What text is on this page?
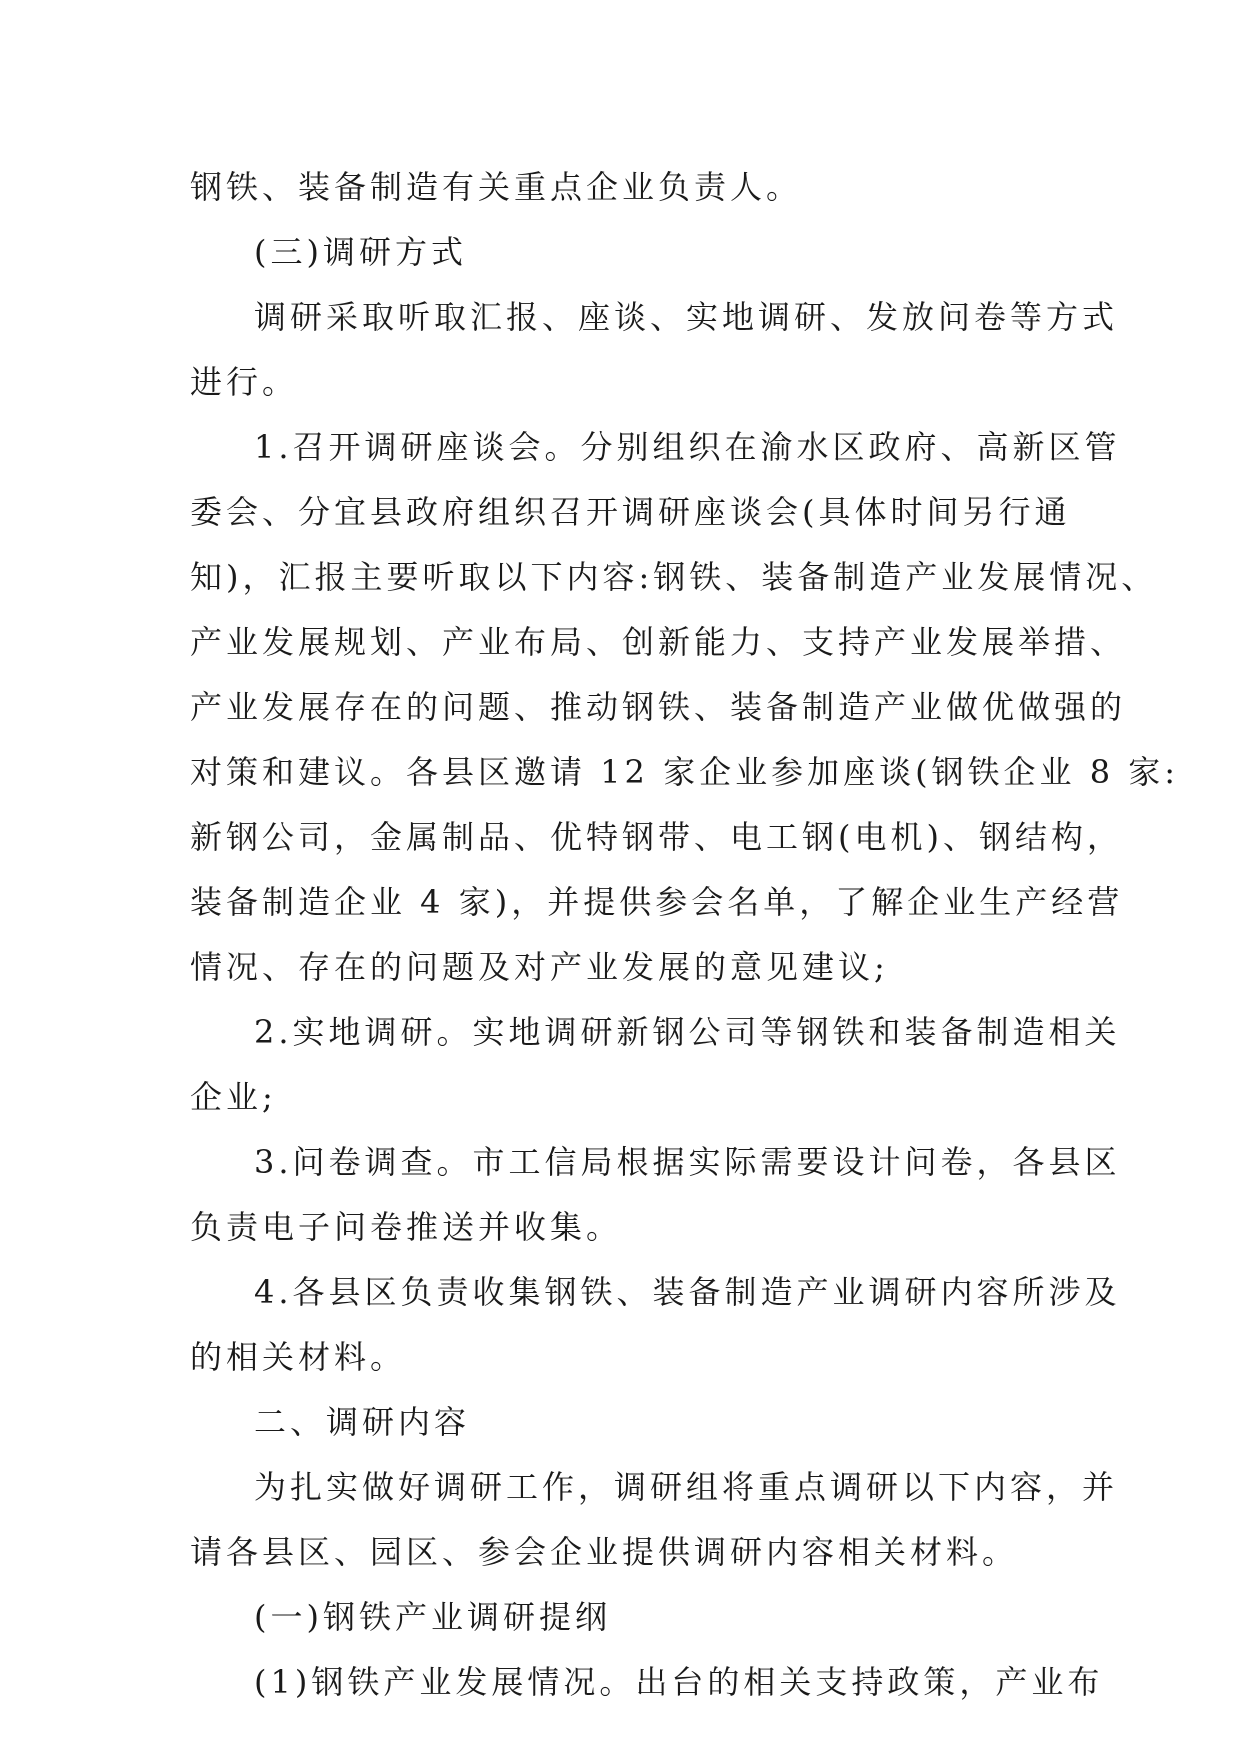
钢铁、装备制造有关重点企业负责人。
(三)调研方式
调研采取听取汇报、座谈、实地调研、发放问卷等方式
进行。
1.召开调研座谈会。分别组织在渝水区政府、高新区管
委会、分宜县政府组织召开调研座谈会(具体时间另行通
知)，汇报主要听取以下内容:钢铁、装备制造产业发展情况、
产业发展规划、产业布局、创新能力、支持产业发展举措、
产业发展存在的问题、推动钢铁、装备制造产业做优做强的
对策和建议。各县区邀请 12 家企业参加座谈(钢铁企业 8 家:
新钢公司，金属制品、优特钢带、电工钢(电机)、钢结构，
装备制造企业 4 家)，并提供参会名单，了解企业生产经营
情况、存在的问题及对产业发展的意见建议;
2.实地调研。实地调研新钢公司等钢铁和装备制造相关
企业;
3.问卷调查。市工信局根据实际需要设计问卷，各县区
负责电子问卷推送并收集。
4.各县区负责收集钢铁、装备制造产业调研内容所涉及
的相关材料。
二、调研内容
为扎实做好调研工作，调研组将重点调研以下内容，并
请各县区、园区、参会企业提供调研内容相关材料。
(一)钢铁产业调研提纲
(1)钢铁产业发展情况。出台的相关支持政策，产业布
